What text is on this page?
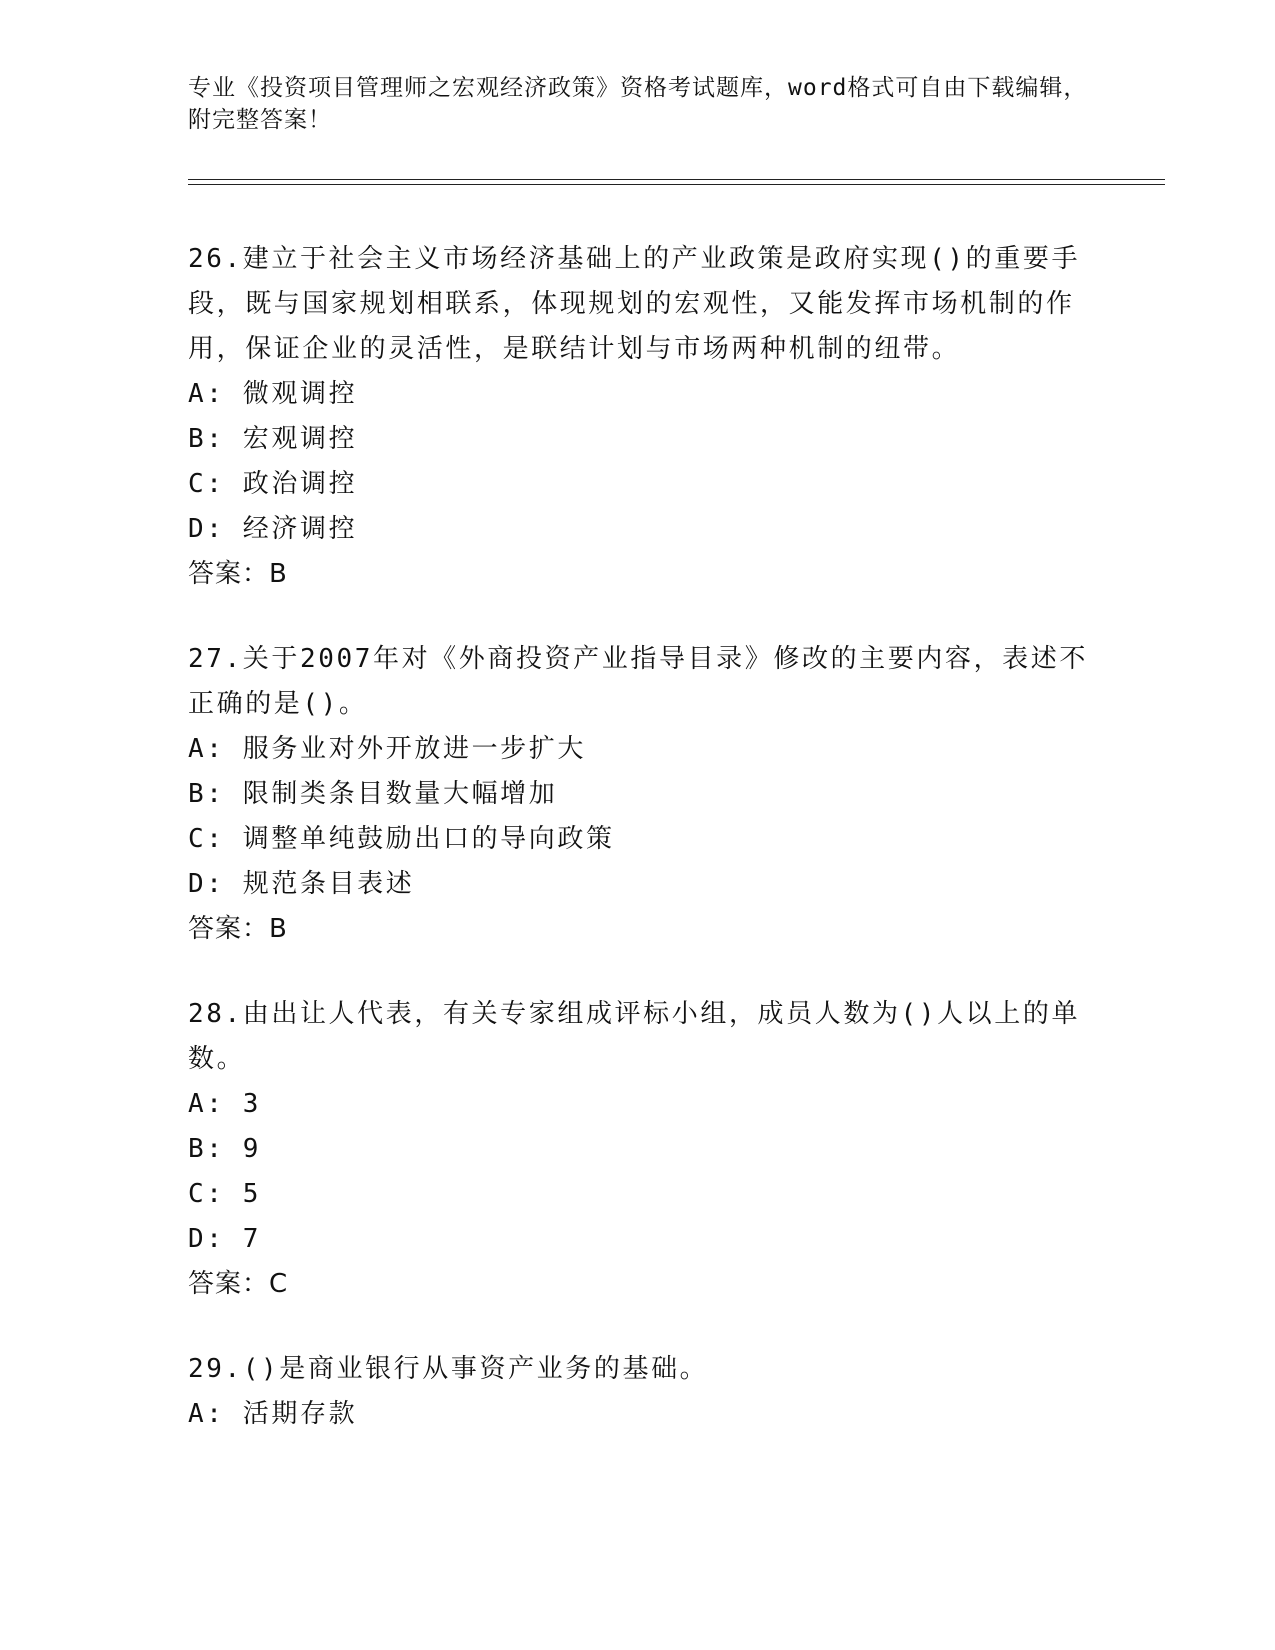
专业《投资项目管理师之宏观经济政策》资格考试题库，word格式可自由下载编辑，附完整答案！
26.建立于社会主义市场经济基础上的产业政策是政府实现()的重要手段，既与国家规划相联系，体现规划的宏观性，又能发挥市场机制的作用，保证企业的灵活性，是联结计划与市场两种机制的纽带。
A: 微观调控
B: 宏观调控
C: 政治调控
D: 经济调控
答案：B
27.关于2007年对《外商投资产业指导目录》修改的主要内容，表述不正确的是()。
A: 服务业对外开放进一步扩大
B: 限制类条目数量大幅增加
C: 调整单纯鼓励出口的导向政策
D: 规范条目表述
答案：B
28.由出让人代表，有关专家组成评标小组，成员人数为()人以上的单数。
A: 3
B: 9
C: 5
D: 7
答案：C
29.()是商业银行从事资产业务的基础。
A: 活期存款
